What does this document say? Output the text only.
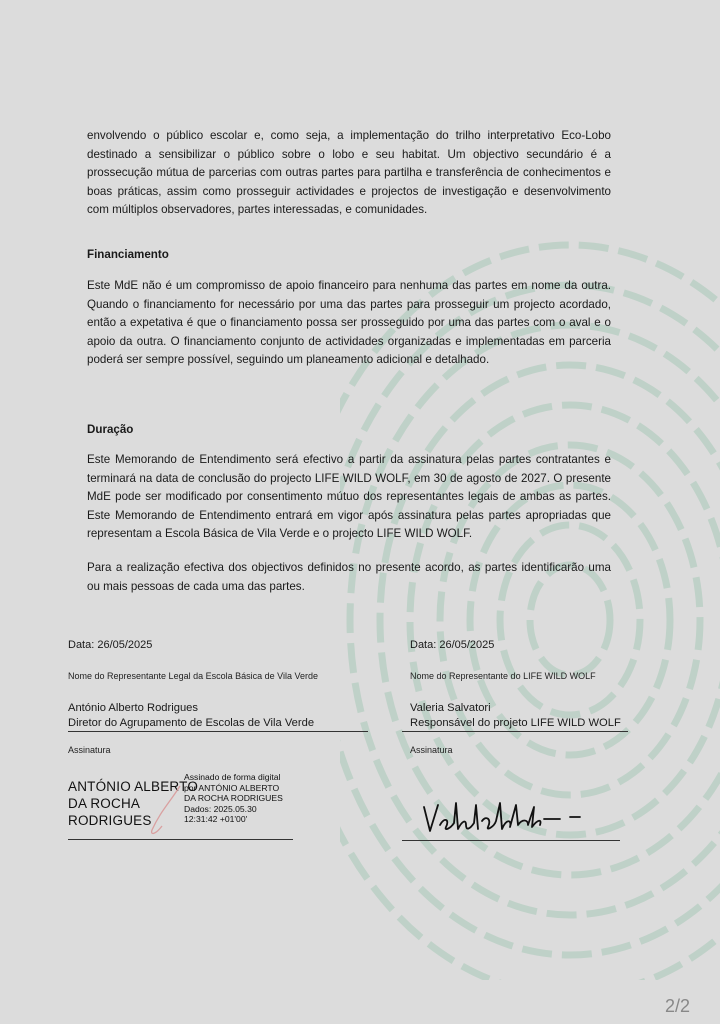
envolvendo o público escolar e, como seja, a implementação do trilho interpretativo Eco-Lobo destinado a sensibilizar o público sobre o lobo e seu habitat. Um objectivo secundário é a prossecução mútua de parcerias com outras partes para partilha e transferência de conhecimentos e boas práticas, assim como prosseguir actividades e projectos de investigação e desenvolvimento com múltiplos observadores, partes interessadas, e comunidades.

Financiamento

Este MdE não é um compromisso de apoio financeiro para nenhuma das partes em nome da outra. Quando o financiamento for necessário por uma das partes para prosseguir um projecto acordado, então a expetativa é que o financiamento possa ser prosseguido por uma das partes com o aval e o apoio da outra. O financiamento conjunto de actividades organizadas e implementadas em parceria poderá ser sempre possível, seguindo um planeamento adicional e detalhado.

Duração

Este Memorando de Entendimento será efectivo a partir da assinatura pelas partes contratantes e terminará na data de conclusão do projecto LIFE WILD WOLF, em 30 de agosto de 2027. O presente MdE pode ser modificado por consentimento mútuo dos representantes legais de ambas as partes. Este Memorando de Entendimento entrará em vigor após assinatura pelas partes apropriadas que representam a Escola Básica de Vila Verde e o projecto LIFE WILD WOLF.

Para a realização efectiva dos objectivos definidos no presente acordo, as partes identificarão uma ou mais pessoas de cada uma das partes.

Data: 26/05/2025
Nome do Representante Legal da Escola Básica de Vila Verde
António Alberto Rodrigues
Diretor do Agrupamento de Escolas de Vila Verde
Assinatura
ANTÓNIO ALBERTO
DA ROCHA
RODRIGUES
Assinado de forma digital
por ANTÓNIO ALBERTO
DA ROCHA RODRIGUES
Dados: 2025.05.30
12:31:42 +01'00'
Data: 26/05/2025
Nome do Representante do LIFE WILD WOLF
Valeria Salvatori
Responsável do projeto LIFE WILD WOLF
Assinatura
2/2
